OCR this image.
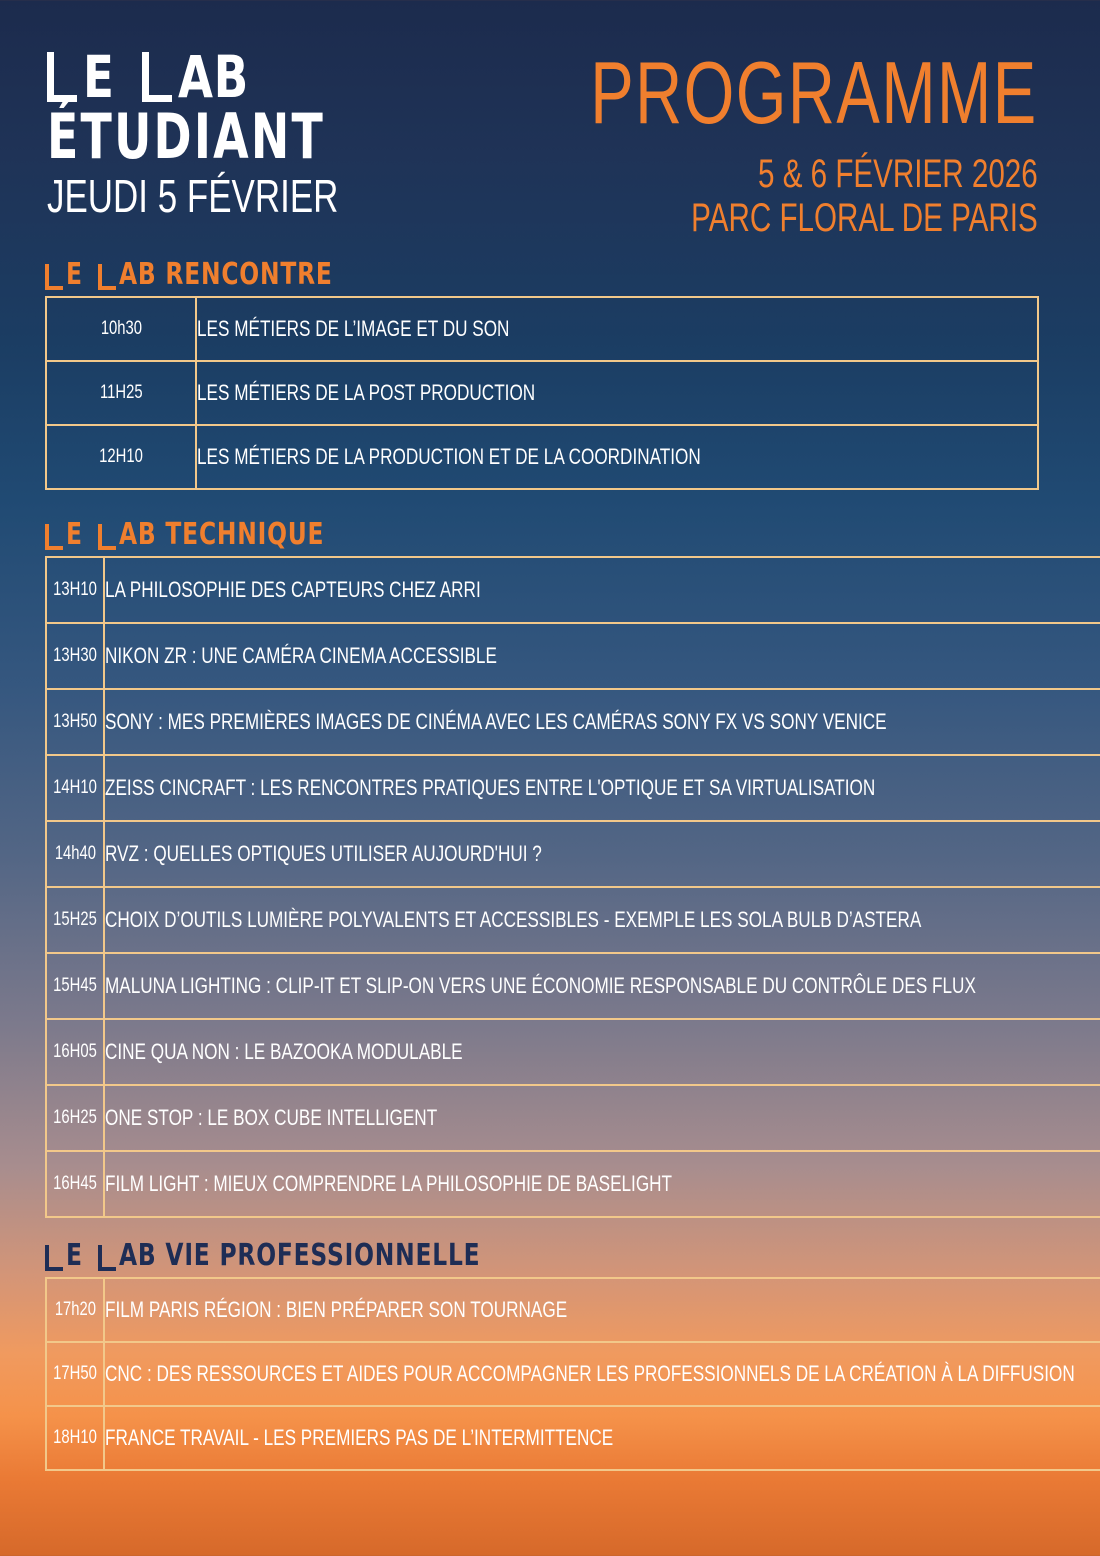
E AB
ÉTUDIANT
JEUDI 5 FÉVRIER
PROGRAMME
5 & 6 FÉVRIER 2026
PARC FLORAL DE PARIS
E AB RENCONTRE
10h30	LES MÉTIERS DE L’IMAGE ET DU SON
11H25	LES MÉTIERS DE LA POST PRODUCTION
12H10	LES MÉTIERS DE LA PRODUCTION ET DE LA COORDINATION
E AB TECHNIQUE
13H10	LA PHILOSOPHIE DES CAPTEURS CHEZ ARRI
13H30	NIKON ZR : UNE CAMÉRA CINEMA ACCESSIBLE
13H50	SONY : MES PREMIÈRES IMAGES DE CINÉMA AVEC LES CAMÉRAS SONY FX VS SONY VENICE
14H10	ZEISS CINCRAFT : LES RENCONTRES PRATIQUES ENTRE L'OPTIQUE ET SA VIRTUALISATION
14h40	RVZ : QUELLES OPTIQUES UTILISER AUJOURD'HUI ?
15H25	CHOIX D’OUTILS LUMIÈRE POLYVALENTS ET ACCESSIBLES - EXEMPLE LES SOLA BULB D’ASTERA
15H45	MALUNA LIGHTING : CLIP-IT ET SLIP-ON VERS UNE ÉCONOMIE RESPONSABLE DU CONTRÔLE DES FLUX
16H05	CINE QUA NON : LE BAZOOKA MODULABLE
16H25	ONE STOP : LE BOX CUBE INTELLIGENT
16H45	FILM LIGHT : MIEUX COMPRENDRE LA PHILOSOPHIE DE BASELIGHT
E AB VIE PROFESSIONNELLE
17h20	FILM PARIS RÉGION : BIEN PRÉPARER SON TOURNAGE
17H50	CNC : DES RESSOURCES ET AIDES POUR ACCOMPAGNER LES PROFESSIONNELS DE LA CRÉATION À LA DIFFUSION
18H10	FRANCE TRAVAIL - LES PREMIERS PAS DE L’INTERMITTENCE
